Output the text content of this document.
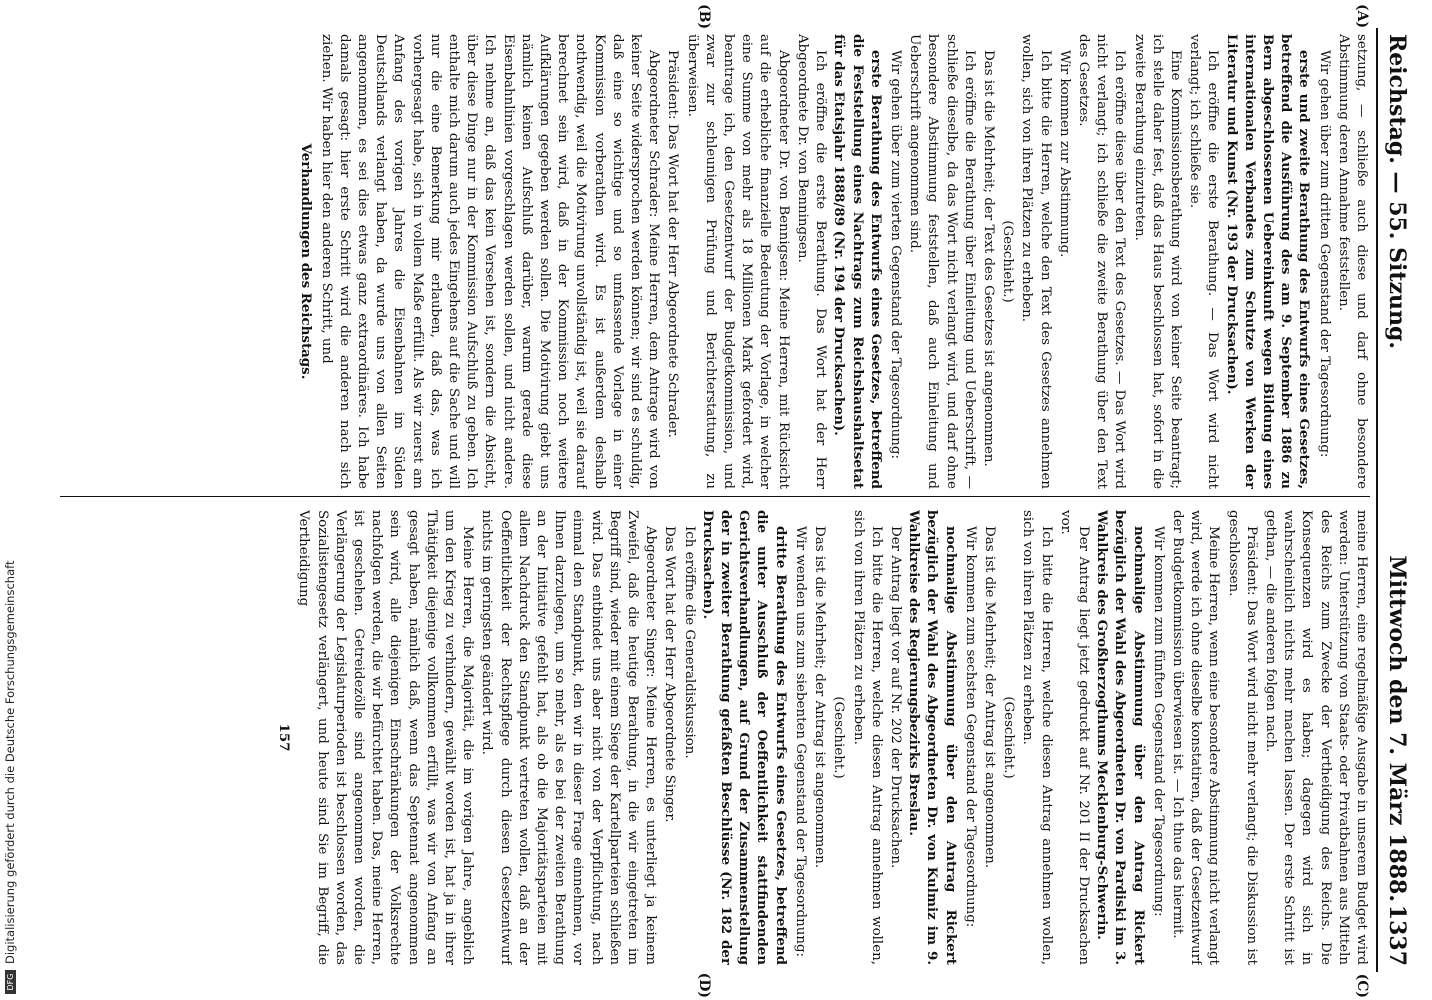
Reichstag. — 55. Sitzung.
Mittwoch den 7. März 1888.
1337
(A)
(B)
(C)
(D)

setzung, — schließe auch diese und darf ohne besondere Abstimmung deren Annahme feststellen.

Wir gehen über zum dritten Gegenstand der Tagesordnung:

erste und zweite Berathung des Entwurfs eines Gesetzes, betreffend die Ausführung des am 9. September 1886 zu Bern abgeschlossenen Uebereinkunft wegen Bildung eines internationalen Verbandes zum Schutze von Werken der Literatur und Kunst (Nr. 193 der Drucksachen).

Ich eröffne die erste Berathung. — Das Wort wird nicht verlangt; ich schließe sie.

Eine Kommissionsberathung wird von keiner Seite beantragt; ich stelle daher fest, daß das Haus beschlossen hat, sofort in die zweite Berathung einzutreten.

Ich eröffne diese über den Text des Gesetzes. — Das Wort wird nicht verlangt; ich schließe die zweite Berathung über den Text des Gesetzes.

Wir kommen zur Abstimmung.

Ich bitte die Herren, welche den Text des Gesetzes annehmen wollen, sich von ihren Plätzen zu erheben.

(Geschieht.)

Das ist die Mehrheit; der Text des Gesetzes ist angenommen.

Ich eröffne die Berathung über Einleitung und Ueberschrift, — schließe dieselbe, da das Wort nicht verlangt wird, und darf ohne besondere Abstimmung feststellen, daß auch Einleitung und Ueberschrift angenommen sind.

Wir gehen über zum vierten Gegenstand der Tagesordnung:

erste Berathung des Entwurfs eines Gesetzes, betreffend die Feststellung eines Nachtrags zum Reichshaushaltsetat für das Etatsjahr 1888/89 (Nr. 194 der Drucksachen).

Ich eröffne die erste Berathung. Das Wort hat der Herr Abgeordnete Dr. von Benningsen.

Abgeordneter Dr. von Bennigsen: Meine Herren, mit Rücksicht auf die erhebliche finanzielle Bedeutung der Vorlage, in welcher eine Summe von mehr als 18 Millionen Mark gefordert wird, beantrage ich, den Gesetzentwurf der Budgetkommission, und zwar zur schleunigen Prüfung und Berichterstattung, zu überweisen.

Präsident: Das Wort hat der Herr Abgeordnete Schrader.

Abgeordneter Schrader: Meine Herren, dem Antrage wird von keiner Seite widersprochen werden können; wir sind es schuldig, daß eine so wichtige und so umfassende Vorlage in einer Kommission vorberathen wird. Es ist außerdem deshalb nothwendig, weil die Motivirung unvollständig ist, weil sie darauf berechnet sein wird, daß in der Kommission noch weitere Aufklärungen gegeben werden sollen. Die Motivirung giebt uns nämlich keinen Aufschluß darüber, warum gerade diese Eisenbahnlinien vorgeschlagen werden sollen, und nicht andere. Ich nehme an, daß das kein Versehen ist, sondern die Absicht, über diese Dinge nur in der Kommission Aufschluß zu geben. Ich enthalte mich darum auch jedes Eingehens auf die Sache und will nur die eine Bemerkung mir erlauben, daß das, was ich vorhergesagt habe, sich in vollem Maße erfüllt. Als wir zuerst am Anfang des vorigen Jahres die Eisenbahnen im Süden Deutschlands verlangt haben, da wurde uns von allen Seiten angenommen, es sei dies etwas ganz extraordinäres. Ich habe damals gesagt: hier erste Schritt wird die anderen nach sich ziehen. Wir haben hier den anderen Schritt, und

Verhandlungen des Reichstags.

meine Herren, eine regelmäßige Ausgabe in unserem Budget wird werden: Unterstützung von Staats- oder Privatbahnen aus Mitteln des Reichs zum Zwecke der Vertheidigung des Reichs. Die Konsequenzen wird es haben; dagegen wird sich in wahrscheinlich nichts mehr machen lassen. Der erste Schritt ist gethan, — die anderen folgen nach.

Präsident: Das Wort wird nicht mehr verlangt; die Diskussion ist geschlossen.

Meine Herren, wenn eine besondere Abstimmung nicht verlangt wird, werde ich ohne dieselbe konstatiren, daß der Gesetzentwurf der Budgetkommission überwiesen ist. — Ich thue das hiermit.

Wir kommen zum fünften Gegenstand der Tagesordnung:

nochmalige Abstimmung über den Antrag Rickert bezüglich der Wahl des Abgeordneten Dr. von Pardiski im 3. Wahlkreis des Großherzogthums Mecklenburg-Schwerin.

Der Antrag liegt jetzt gedruckt auf Nr. 201 II der Drucksachen vor.

Ich bitte die Herren, welche diesen Antrag annehmen wollen, sich von ihren Plätzen zu erheben.

(Geschieht.)

Das ist die Mehrheit; der Antrag ist angenommen.

Wir kommen zum sechsten Gegenstand der Tagesordnung:

nochmalige Abstimmung über den Antrag Rickert bezüglich der Wahl des Abgeordneten Dr. von Kulmiz im 9. Wahlkreise des Regierungsbezirks Breslau.

Der Antrag liegt vor auf Nr. 202 der Drucksachen.

Ich bitte die Herren, welche diesen Antrag annehmen wollen, sich von ihren Plätzen zu erheben.

(Geschieht.)

Das ist die Mehrheit; der Antrag ist angenommen.

Wir wenden uns zum siebenten Gegenstand der Tagesordnung:

dritte Berathung des Entwurfs eines Gesetzes, betreffend die unter Ausschluß der Oeffentlichkeit stattfindenden Gerichtsverhandlungen, auf Grund der Zusammenstellung der in zweiter Berathung gefaßten Beschlüsse (Nr. 182 der Drucksachen).

Ich eröffne die Generaldiskussion.

Das Wort hat der Herr Abgeordnete Singer.

Abgeordneter Singer: Meine Herren, es unterliegt ja keinem Zweifel, daß die heutige Berathung, in die wir eingetreten im Begriff sind, wieder mit einem Siege der Kartellparteien schließen wird. Das entbindet uns aber nicht von der Verpflichtung, nach einmal den Standpunkt, den wir in dieser Frage einnehmen, vor Ihnen darzulegen, um so mehr, als es bei der zweiten Berathung an der Initiative gefehlt hat, als ob die Majoritätsparteien mit allem Nachdruck den Standpunkt vertreten wollen, daß an der Oeffentlichkeit der Rechtspflege durch diesen Gesetzentwurf nichts im geringsten geändert wird.

Meine Herren, die Majorität, die im vorigen Jahre, angeblich um den Krieg zu verhindern, gewählt worden ist, hat ja in ihrer Thätigkeit diejenige vollkommen erfüllt, was wir von Anfang an gesagt haben, nämlich daß, wenn das Septennat angenommen sein wird, alle diejenigen Einschränkungen der Volksrechte nachfolgen werden, die wir befürchtet haben. Das, meine Herren, ist geschehen. Getreidezölle sind angenommen worden, die Verlängerung der Legislaturperioden ist beschlossen worden, das Sozialistengesetz verlängert, und heute sind Sie im Begriff, die Vertheidigung

157

DFGDigitalisierung gefördert durch die Deutsche Forschungsgemeinschaft
